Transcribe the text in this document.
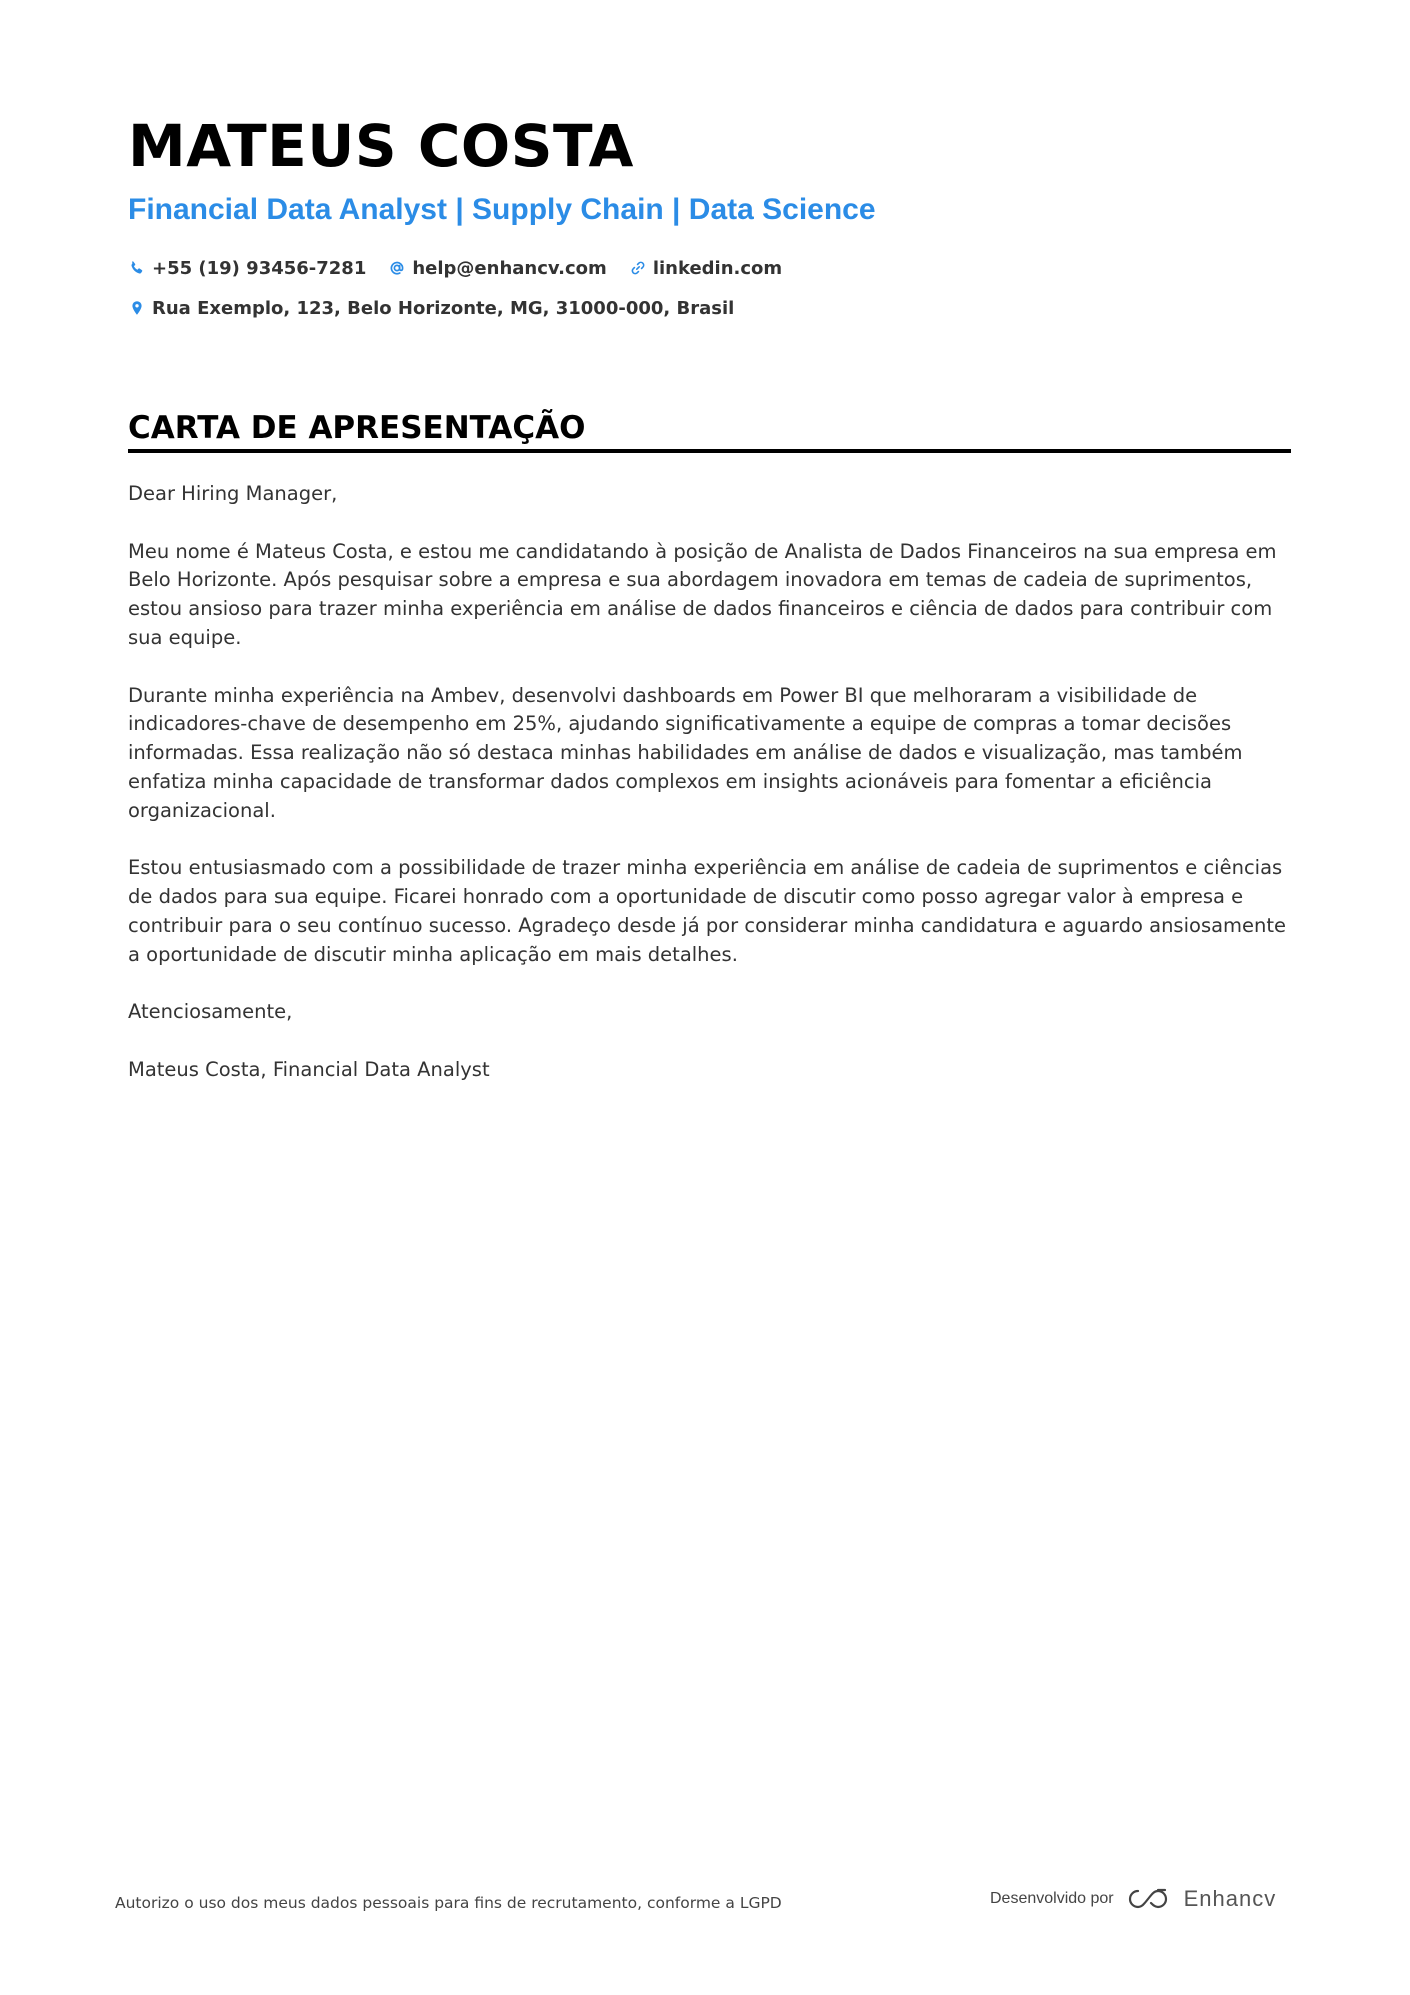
MATEUS COSTA
Financial Data Analyst | Supply Chain | Data Science
+55 (19) 93456-7281	help@enhancv.com	linkedin.com
Rua Exemplo, 123, Belo Horizonte, MG, 31000-000, Brasil
CARTA DE APRESENTAÇÃO

Dear Hiring Manager,

Meu nome é Mateus Costa, e estou me candidatando à posição de Analista de Dados Financeiros na sua empresa em Belo Horizonte. Após pesquisar sobre a empresa e sua abordagem inovadora em temas de cadeia de suprimentos, estou ansioso para trazer minha experiência em análise de dados financeiros e ciência de dados para contribuir com sua equipe.

Durante minha experiência na Ambev, desenvolvi dashboards em Power BI que melhoraram a visibilidade de indicadores-chave de desempenho em 25%, ajudando significativamente a equipe de compras a tomar decisões informadas. Essa realização não só destaca minhas habilidades em análise de dados e visualização, mas também enfatiza minha capacidade de transformar dados complexos em insights acionáveis para fomentar a eficiência organizacional.

Estou entusiasmado com a possibilidade de trazer minha experiência em análise de cadeia de suprimentos e ciências de dados para sua equipe. Ficarei honrado com a oportunidade de discutir como posso agregar valor à empresa e contribuir para o seu contínuo sucesso. Agradeço desde já por considerar minha candidatura e aguardo ansiosamente a oportunidade de discutir minha aplicação em mais detalhes.

Atenciosamente,

Mateus Costa, Financial Data Analyst

Autorizo o uso dos meus dados pessoais para fins de recrutamento, conforme a LGPD	Desenvolvido por	Enhancv
